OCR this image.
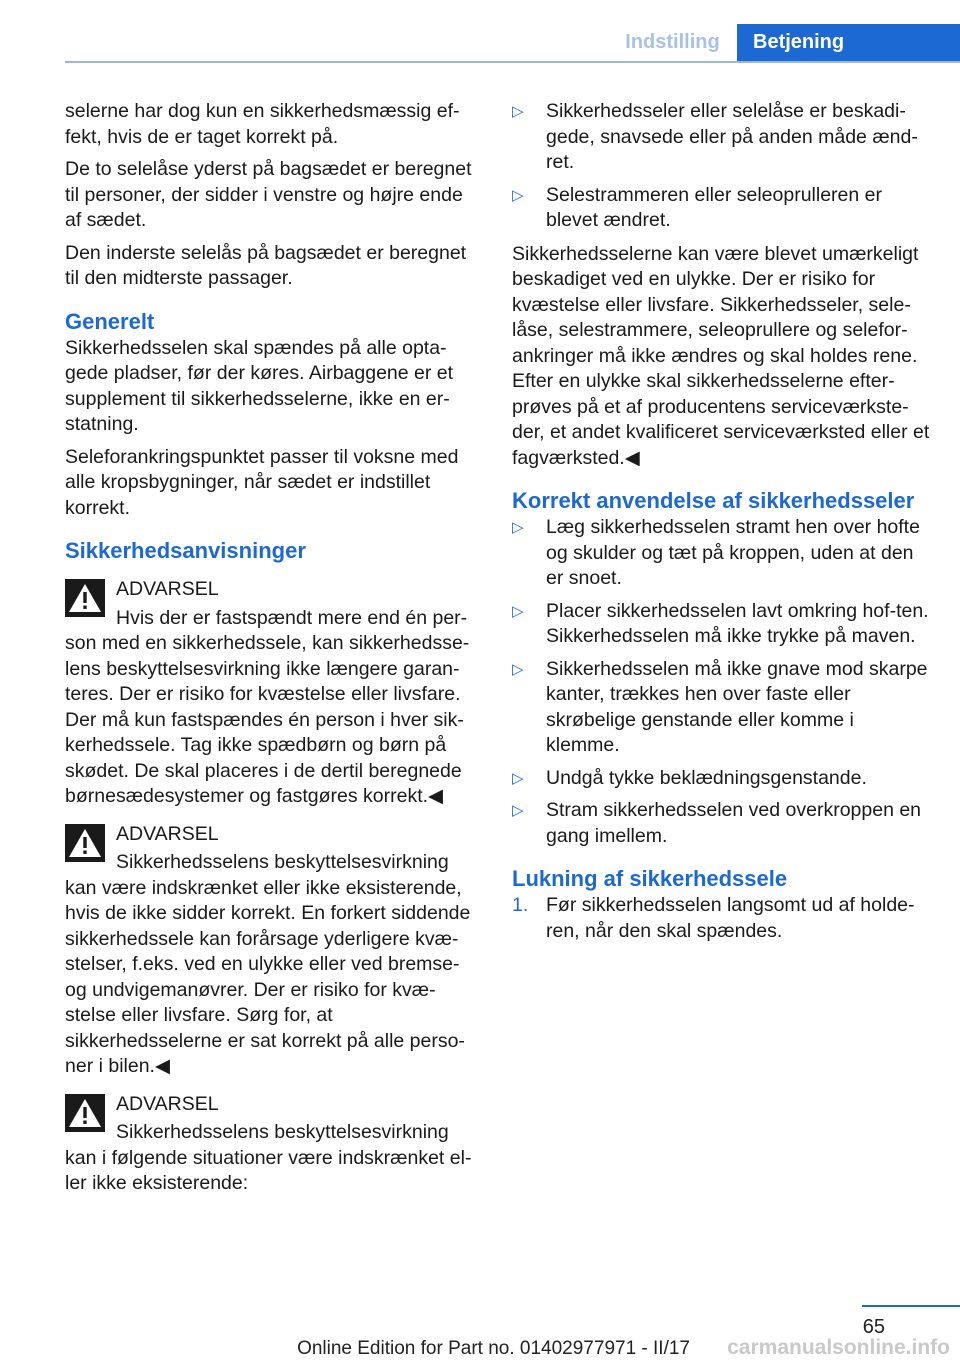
Indstilling	Betjening

selerne har dog kun en sikkerhedsmæssig ef-fekt, hvis de er taget korrekt på.

De to selelåse yderst på bagsædet er beregnet til personer, der sidder i venstre og højre ende af sædet.

Den inderste selelås på bagsædet er beregnet til den midterste passager.

Generelt

Sikkerhedsselen skal spændes på alle opta-gede pladser, før der køres. Airbaggene er et supplement til sikkerhedsselerne, ikke en er-statning.

Seleforankringspunktet passer til voksne med alle kropsbygninger, når sædet er indstillet korrekt.

Sikkerhedsanvisninger
ADVARSEL
Hvis der er fastspændt mere end én per-
son med en sikkerhedssele, kan sikkerhedsse-lens beskyttelsesvirkning ikke længere garan-teres. Der er risiko for kvæstelse eller livsfare. Der må kun fastspændes én person i hver sik-kerhedssele. Tag ikke spædbørn og børn på skødet. De skal placeres i de dertil beregnede børnesædesystemer og fastgøres korrekt.◀
ADVARSEL
Sikkerhedsselens beskyttelsesvirkning
kan være indskrænket eller ikke eksisterende, hvis de ikke sidder korrekt. En forkert siddende sikkerhedssele kan forårsage yderligere kvæ-stelser, f.eks. ved en ulykke eller ved bremse- og undvigemanøvrer. Der er risiko for kvæ-stelse eller livsfare. Sørg for, at sikkerhedsselerne er sat korrekt på alle perso-ner i bilen.◀
ADVARSEL
Sikkerhedsselens beskyttelsesvirkning
kan i følgende situationer være indskrænket el-ler ikke eksisterende:
▷ Sikkerhedsseler eller selelåse er beskadi-gede, snavsede eller på anden måde ænd-ret.
▷ Selestrammeren eller seleoprulleren er blevet ændret.

Sikkerhedsselerne kan være blevet umærkeligt beskadiget ved en ulykke. Der er risiko for kvæstelse eller livsfare. Sikkerhedsseler, sele-låse, selestrammere, seleoprullere og selefor-ankringer må ikke ændres og skal holdes rene. Efter en ulykke skal sikkerhedsselerne efter-prøves på et af producentens serviceværkste-der, et andet kvalificeret serviceværksted eller et fagværksted.◀

Korrekt anvendelse af sikkerhedsseler
▷ Læg sikkerhedsselen stramt hen over hofte og skulder og tæt på kroppen, uden at den er snoet.
▷ Placer sikkerhedsselen lavt omkring hof-ten. Sikkerhedsselen må ikke trykke på maven.
▷ Sikkerhedsselen må ikke gnave mod skarpe kanter, trækkes hen over faste eller skrøbelige genstande eller komme i klemme.
▷ Undgå tykke beklædningsgenstande.
▷ Stram sikkerhedsselen ved overkroppen en gang imellem.
Lukning af sikkerhedssele
1. Før sikkerhedsselen langsomt ud af holde-ren, når den skal spændes.
65
Online Edition for Part no. 01402977971 - II/17 carmanualsonline.info
